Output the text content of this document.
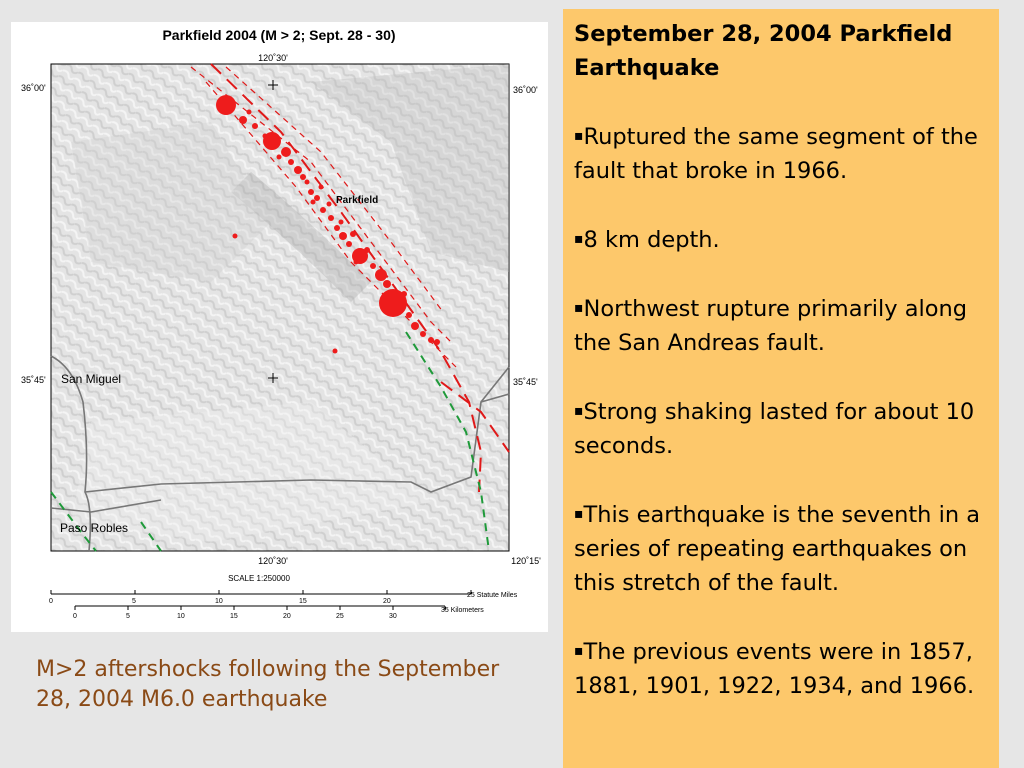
Parkfield 2004 (M > 2; Sept. 28 - 30)
120˚30'
120˚30'	120˚15'
36˚00'	36˚00'
35˚45'	35˚45'
Parkfield
San Miguel
Paso Robles
SCALE 1:250000
0	5	10	15	20
25 Statute Miles
0	5	10	15	20	25	30
35 Kilometers
M>2 aftershocks following the September 28, 2004 M6.0 earthquake
September 28, 2004 Parkfield Earthquake
▪Ruptured the same segment of the fault that broke in 1966.
▪8 km depth.
▪Northwest rupture primarily along the San Andreas fault.
▪Strong shaking lasted for about 10 seconds.
▪This earthquake is the seventh in a series of repeating earthquakes on this stretch of the fault.
▪The previous events were in 1857, 1881, 1901, 1922, 1934, and 1966.
